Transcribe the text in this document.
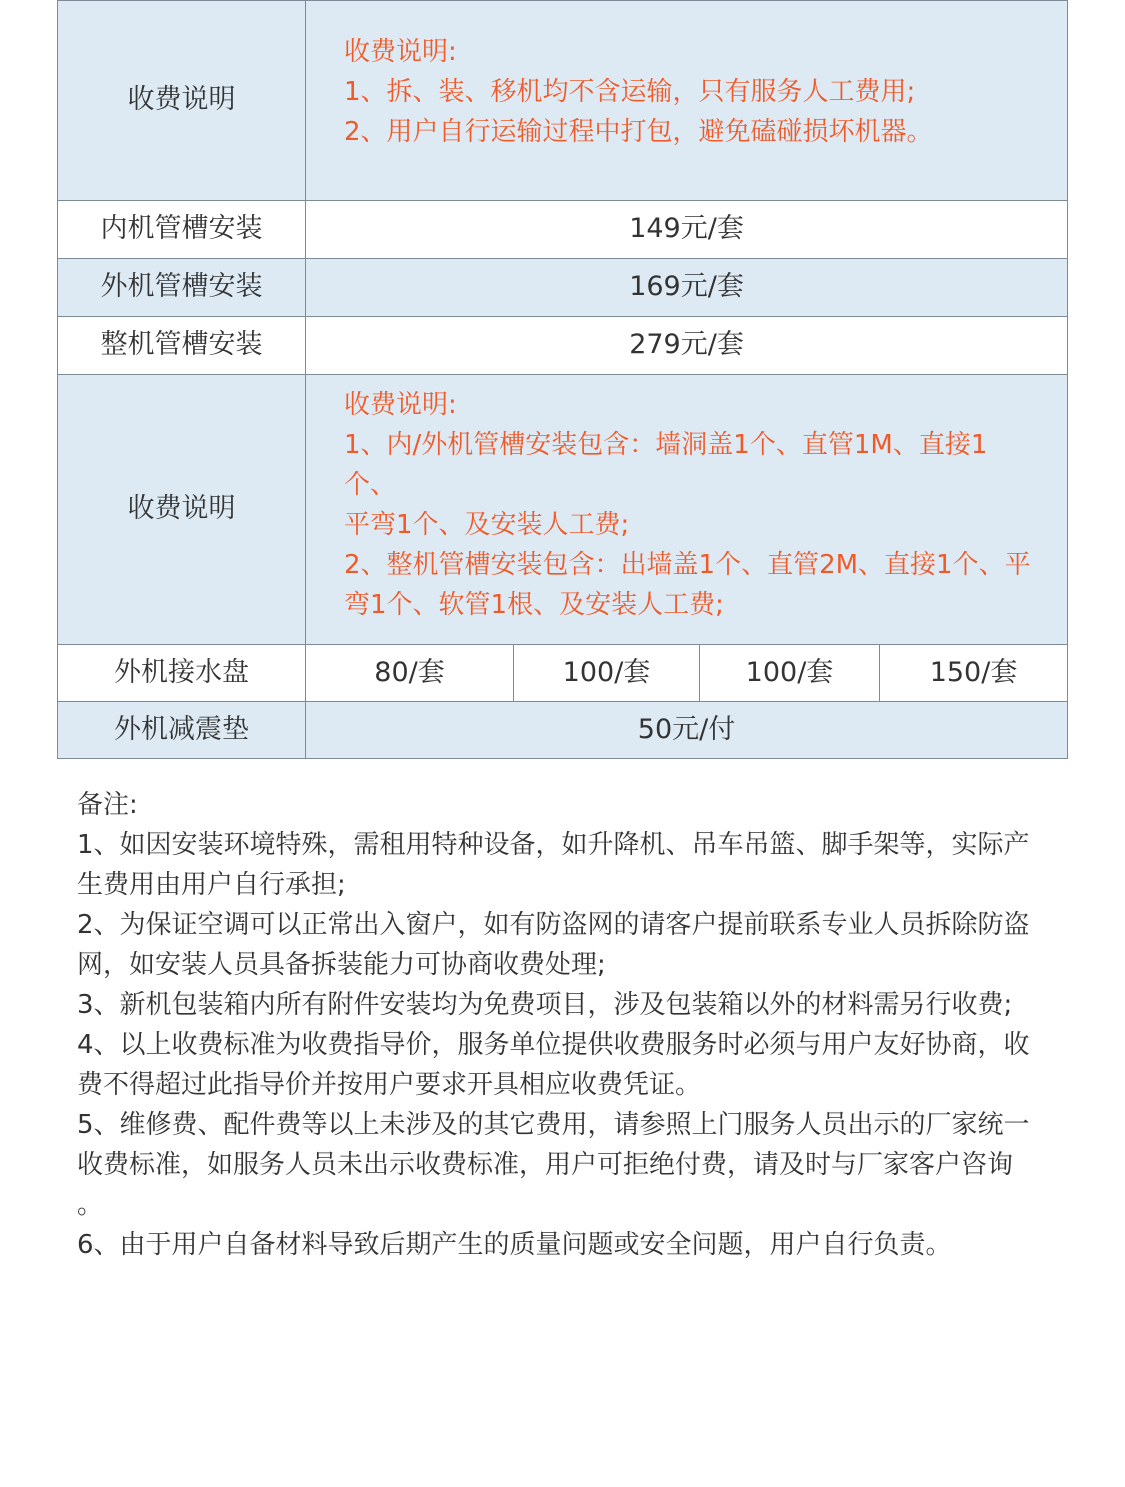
收费说明	收费说明:
1、拆、装、移机均不含运输，只有服务人工费用;
2、用户自行运输过程中打包，避免磕碰损坏机器。			

内机管槽安装	149元/套			
外机管槽安装	169元/套			
整机管槽安装	279元/套			
收费说明	收费说明:
1、内/外机管槽安装包含：墙洞盖1个、直管1M、直接1个、
平弯1个、及安装人工费;
2、整机管槽安装包含：出墙盖1个、直管2M、直接1个、平
弯1个、软管1根、及安装人工费;			

外机接水盘	80/套	100/套	100/套	150/套
外机减震垫	50元/付			
备注:
1、如因安装环境特殊，需租用特种设备，如升降机、吊车吊篮、脚手架等，实际产
生费用由用户自行承担;
2、为保证空调可以正常出入窗户，如有防盗网的请客户提前联系专业人员拆除防盗
网，如安装人员具备拆装能力可协商收费处理;
3、新机包装箱内所有附件安装均为免费项目，涉及包装箱以外的材料需另行收费;
4、以上收费标准为收费指导价，服务单位提供收费服务时必须与用户友好协商，收
费不得超过此指导价并按用户要求开具相应收费凭证。
5、维修费、配件费等以上未涉及的其它费用，请参照上门服务人员出示的厂家统一
收费标准，如服务人员未出示收费标准，用户可拒绝付费，请及时与厂家客户咨询
。
6、由于用户自备材料导致后期产生的质量问题或安全问题，用户自行负责。
